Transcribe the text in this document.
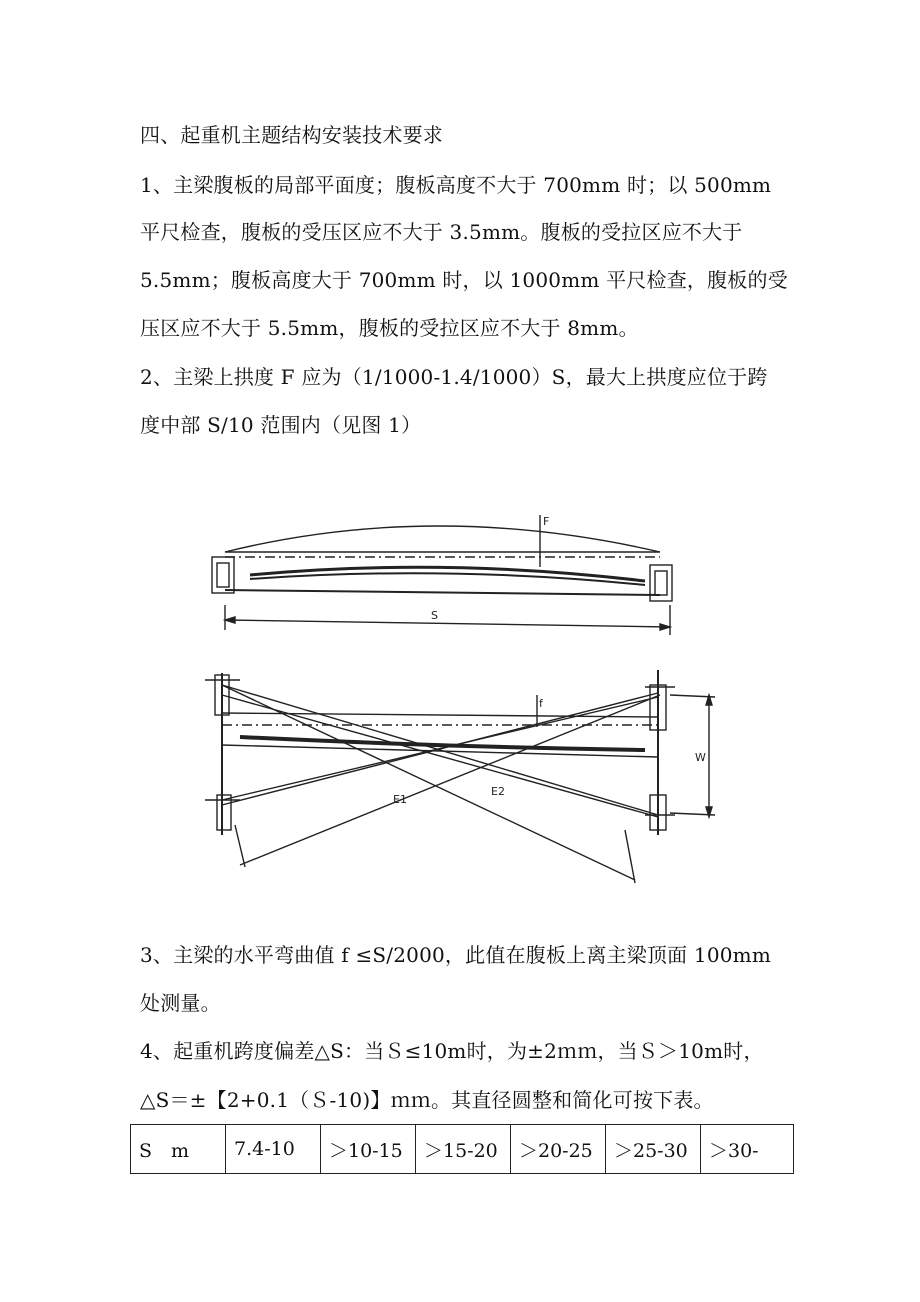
四、起重机主题结构安装技术要求
1、主梁腹板的局部平面度；腹板高度不大于 700mm 时；以 500mm
平尺检查，腹板的受压区应不大于 3.5mm。腹板的受拉区应不大于
5.5mm；腹板高度大于 700mm 时，以 1000mm 平尺检查，腹板的受
压区应不大于 5.5mm，腹板的受拉区应不大于 8mm。
2、主梁上拱度 F 应为（1/1000-1.4/1000）S，最大上拱度应位于跨
度中部 S/10 范围内（见图 1）
F
S
f
W
E1
E2
3、主梁的水平弯曲值 f ≤S/2000，此值在腹板上离主梁顶面 100mm
处测量。
4、起重机跨度偏差△S：当Ｓ≤10m时，为±2ｍｍ，当Ｓ＞10m时，
△S＝±【2+0.1（Ｓ-10)】ｍｍ。其直径圆整和简化可按下表。
S　m	7.4-10	＞10-15	＞15-20	＞20-25	＞25-30	＞30-
